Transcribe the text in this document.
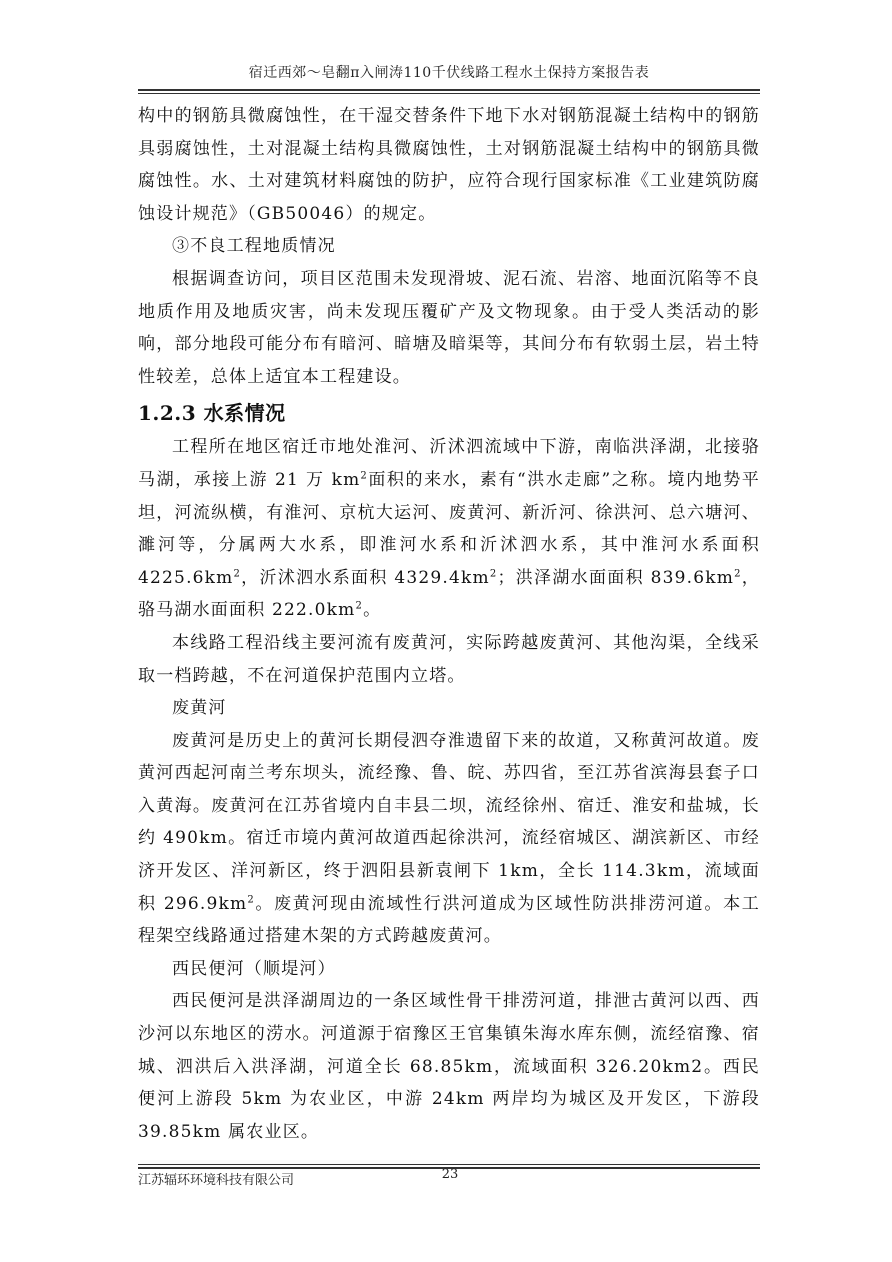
宿迁西郊～皂翻π入闸涛110千伏线路工程水土保持方案报告表

构中的钢筋具微腐蚀性，在干湿交替条件下地下水对钢筋混凝土结构中的钢筋具弱腐蚀性，土对混凝土结构具微腐蚀性，土对钢筋混凝土结构中的钢筋具微腐蚀性。水、土对建筑材料腐蚀的防护，应符合现行国家标准《工业建筑防腐蚀设计规范》（GB50046）的规定。

③不良工程地质情况

根据调查访问，项目区范围未发现滑坡、泥石流、岩溶、地面沉陷等不良地质作用及地质灾害，尚未发现压覆矿产及文物现象。由于受人类活动的影响，部分地段可能分布有暗河、暗塘及暗渠等，其间分布有软弱土层，岩土特性较差，总体上适宜本工程建设。

1.2.3 水系情况

工程所在地区宿迁市地处淮河、沂沭泗流域中下游，南临洪泽湖，北接骆马湖，承接上游 21 万 $km^2$面积的来水，素有“洪水走廊”之称。境内地势平坦，河流纵横，有淮河、京杭大运河、废黄河、新沂河、徐洪河、总六塘河、濉河等，分属两大水系，即淮河水系和沂沭泗水系，其中淮河水系面积 $4225.6km^2$，沂沭泗水系面积 $4329.4km^2$；洪泽湖水面面积 $839.6km^2$，骆马湖水面面积 $222.0km^2$。

本线路工程沿线主要河流有废黄河，实际跨越废黄河、其他沟渠，全线采取一档跨越，不在河道保护范围内立塔。

废黄河

废黄河是历史上的黄河长期侵泗夺淮遗留下来的故道，又称黄河故道。废黄河西起河南兰考东坝头，流经豫、鲁、皖、苏四省，至江苏省滨海县套子口入黄海。废黄河在江苏省境内自丰县二坝，流经徐州、宿迁、淮安和盐城，长约 490km。宿迁市境内黄河故道西起徐洪河，流经宿城区、湖滨新区、市经济开发区、洋河新区，终于泗阳县新袁闸下 1km，全长 114.3km，流域面积 $296.9km^2$。废黄河现由流域性行洪河道成为区域性防洪排涝河道。本工程架空线路通过搭建木架的方式跨越废黄河。

西民便河（顺堤河）

西民便河是洪泽湖周边的一条区域性骨干排涝河道，排泄古黄河以西、西沙河以东地区的涝水。河道源于宿豫区王官集镇朱海水库东侧，流经宿豫、宿城、泗洪后入洪泽湖，河道全长 68.85km，流域面积 326.20km2。西民便河上游段 5km 为农业区，中游 24km 两岸均为城区及开发区，下游段 39.85km 属农业区。

江苏辐环环境科技有限公司	23
